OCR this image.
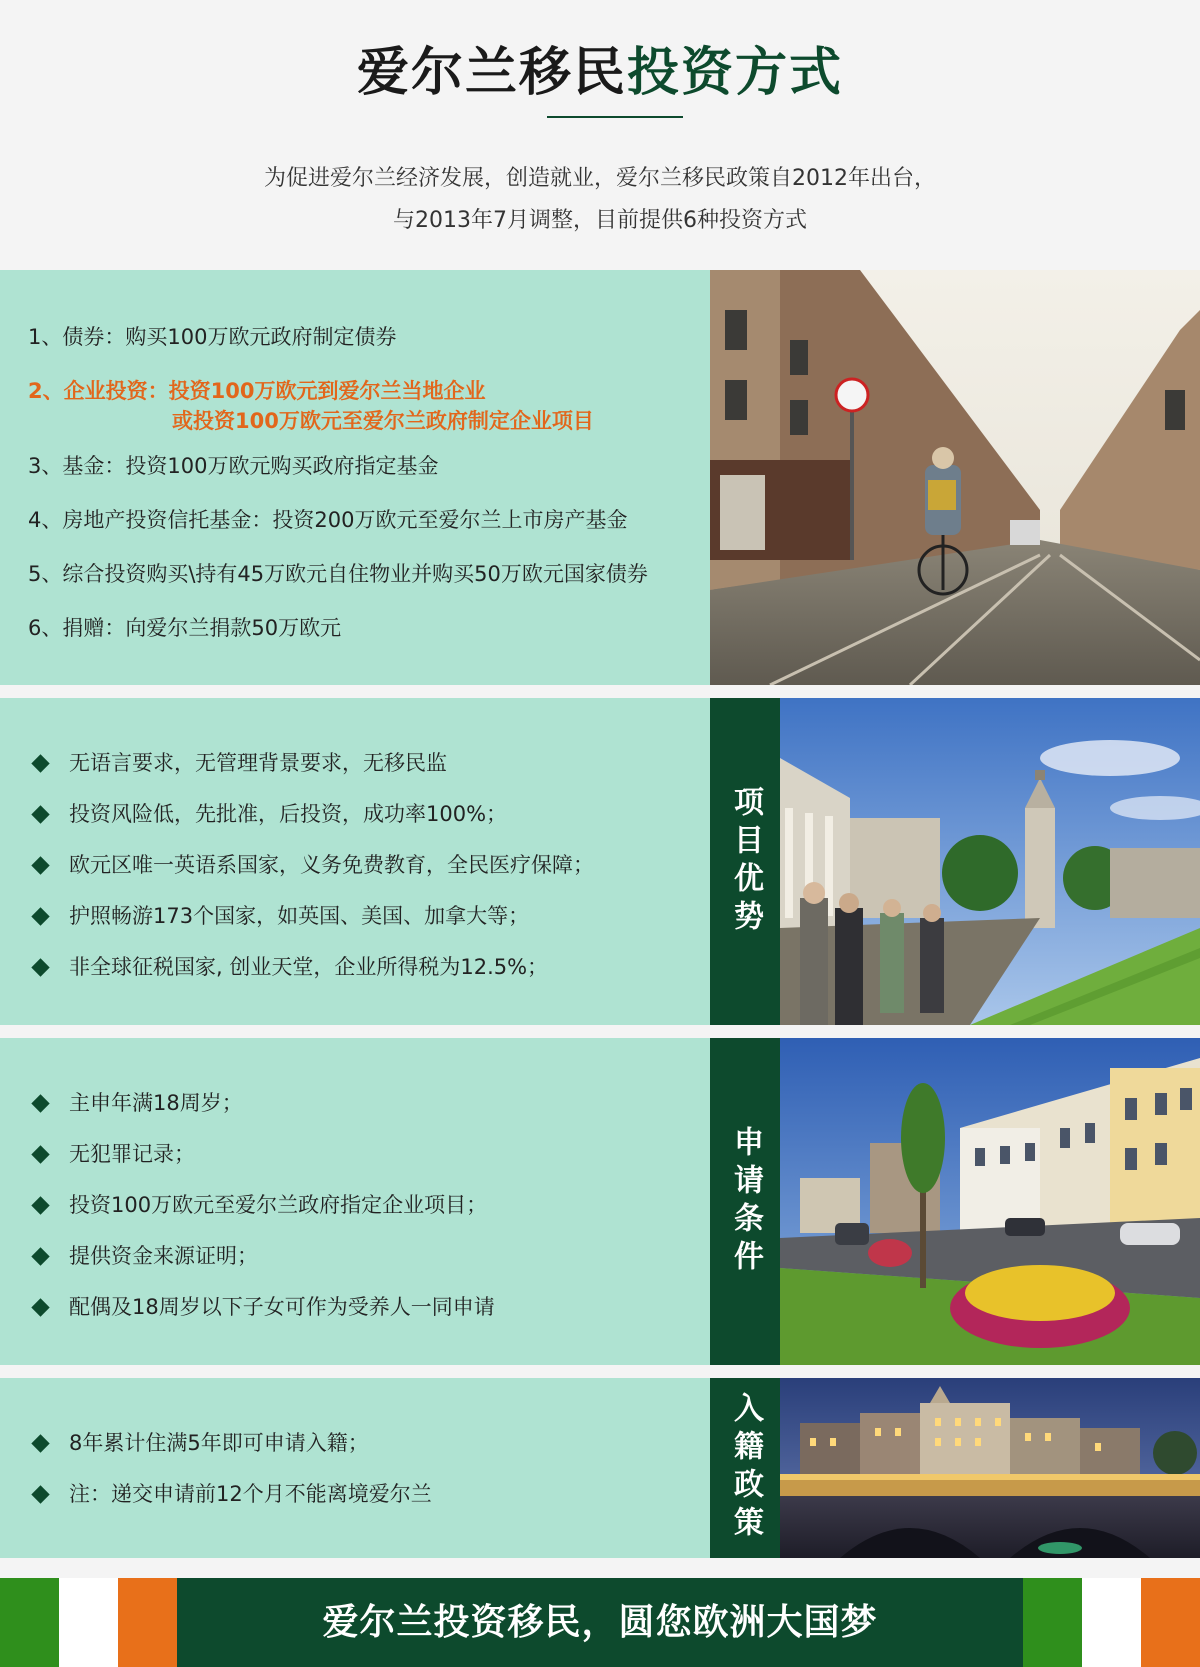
爱尔兰移民投资方式
为促进爱尔兰经济发展，创造就业，爱尔兰移民政策自2012年出台，
与2013年7月调整，目前提供6种投资方式
1、债券：购买100万欧元政府制定债券
2、企业投资：投资100万欧元到爱尔兰当地企业
或投资100万欧元至爱尔兰政府制定企业项目
3、基金：投资100万欧元购买政府指定基金
4、房地产投资信托基金：投资200万欧元至爱尔兰上市房产基金
5、综合投资购买\持有45万欧元自住物业并购买50万欧元国家债券
6、捐赠：向爱尔兰捐款50万欧元
无语言要求，无管理背景要求，无移民监
投资风险低，先批准，后投资，成功率100%；
欧元区唯一英语系国家，义务免费教育，全民医疗保障；
护照畅游173个国家，如英国、美国、加拿大等；
非全球征税国家, 创业天堂，企业所得税为12.5%；
项目优势
主申年满18周岁；
无犯罪记录；
投资100万欧元至爱尔兰政府指定企业项目；
提供资金来源证明；
配偶及18周岁以下子女可作为受养人一同申请
申请条件
8年累计住满5年即可申请入籍；
注：递交申请前12个月不能离境爱尔兰	入籍政策
爱尔兰投资移民，圆您欧洲大国梦
